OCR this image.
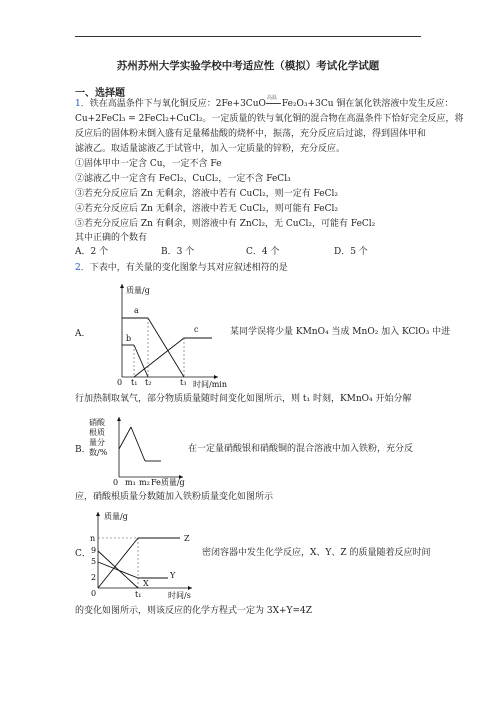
苏州苏州大学实验学校中考适应性（模拟）考试化学试题
一、选择题
1．铁在高温条件下与氧化铜反应：2Fe+3CuO
高温
Fe₂O₃+3Cu 铜在氯化铁溶液中发生反应：
Cu+2FeCl₃ = 2FeCl₂+CuCl₂。一定质量的铁与氧化铜的混合物在高温条件下恰好完全反应，将
反应后的固体粉末倒入盛有足量稀盐酸的烧杯中，振荡，充分反应后过滤，得到固体甲和
滤液乙。取适量滤液乙于试管中，加入一定质量的锌粉，充分反应。
①固体甲中一定含 Cu，一定不含 Fe
②滤液乙中一定含有 FeCl₂、CuCl₂，一定不含 FeCl₃
③若充分反应后 Zn 无剩余，溶液中若有 CuCl₂，则一定有 FeCl₂
④若充分反应后 Zn 无剩余，溶液中若无 CuCl₂，则可能有 FeCl₂
⑤若充分反应后 Zn 有剩余，则溶液中有 ZnCl₂，无 CuCl₂，可能有 FeCl₂
其中正确的个数有
A．2 个	B．3 个	C．4 个	D．5 个
2．下表中，有关量的变化图象与其对应叙述相符的是
A．
质量/g
a
b
c
0 t₁ t₂	t₃ 时间/min
某同学误将少量 KMnO₄ 当成 MnO₂ 加入 KClO₃ 中进
行加热制取氧气，部分物质质量随时间变化如图所示，则 t₁ 时刻，KMnO₄ 开始分解
B．
硝酸
根质
量分
数/%
0 m₁ m₂ Fe质量/g
在一定量硝酸银和硝酸铜的混合溶液中加入铁粉，充分反
应，硝酸根质量分数随加入铁粉质量变化如图所示
C．
质量/g
n
9
5
2
0	t₁
Z
Y
X
时间/s
密闭容器中发生化学反应，X、Y、Z 的质量随着反应时间
的变化如图所示，则该反应的化学方程式一定为 3X+Y=4Z
